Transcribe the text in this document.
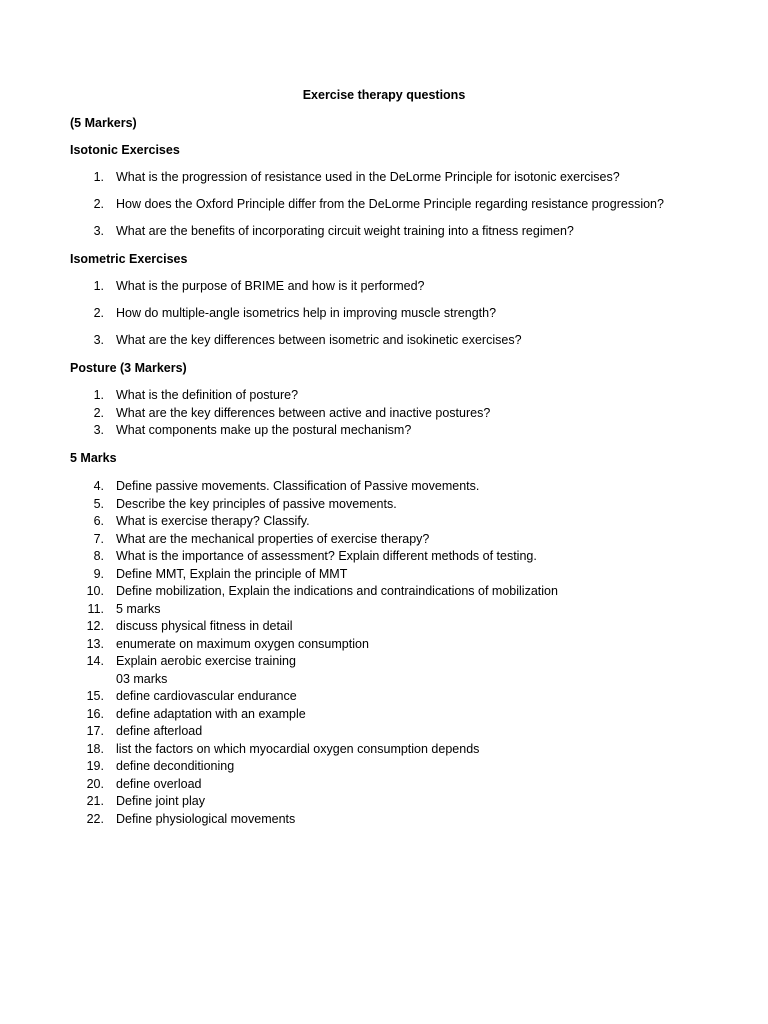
Exercise therapy questions
(5 Markers)
Isotonic Exercises
1. What is the progression of resistance used in the DeLorme Principle for isotonic exercises?
2. How does the Oxford Principle differ from the DeLorme Principle regarding resistance progression?
3. What are the benefits of incorporating circuit weight training into a fitness regimen?
Isometric Exercises
1. What is the purpose of BRIME and how is it performed?
2. How do multiple-angle isometrics help in improving muscle strength?
3. What are the key differences between isometric and isokinetic exercises?
Posture (3 Markers)
1. What is the definition of posture?
2. What are the key differences between active and inactive postures?
3. What components make up the postural mechanism?
5 Marks
4. Define passive movements. Classification of Passive movements.
5. Describe the key principles of passive movements.
6. What is exercise therapy? Classify.
7. What are the mechanical properties of exercise therapy?
8. What is the importance of assessment? Explain different methods of testing.
9. Define MMT, Explain the principle of MMT
10. Define mobilization, Explain the indications and contraindications of mobilization
11. 5 marks
12. discuss physical fitness in detail
13. enumerate on maximum oxygen consumption
14. Explain aerobic exercise training
03 marks
15. define cardiovascular endurance
16. define adaptation with an example
17. define afterload
18. list the factors on which myocardial oxygen consumption depends
19. define deconditioning
20. define overload
21. Define joint play
22. Define physiological movements
